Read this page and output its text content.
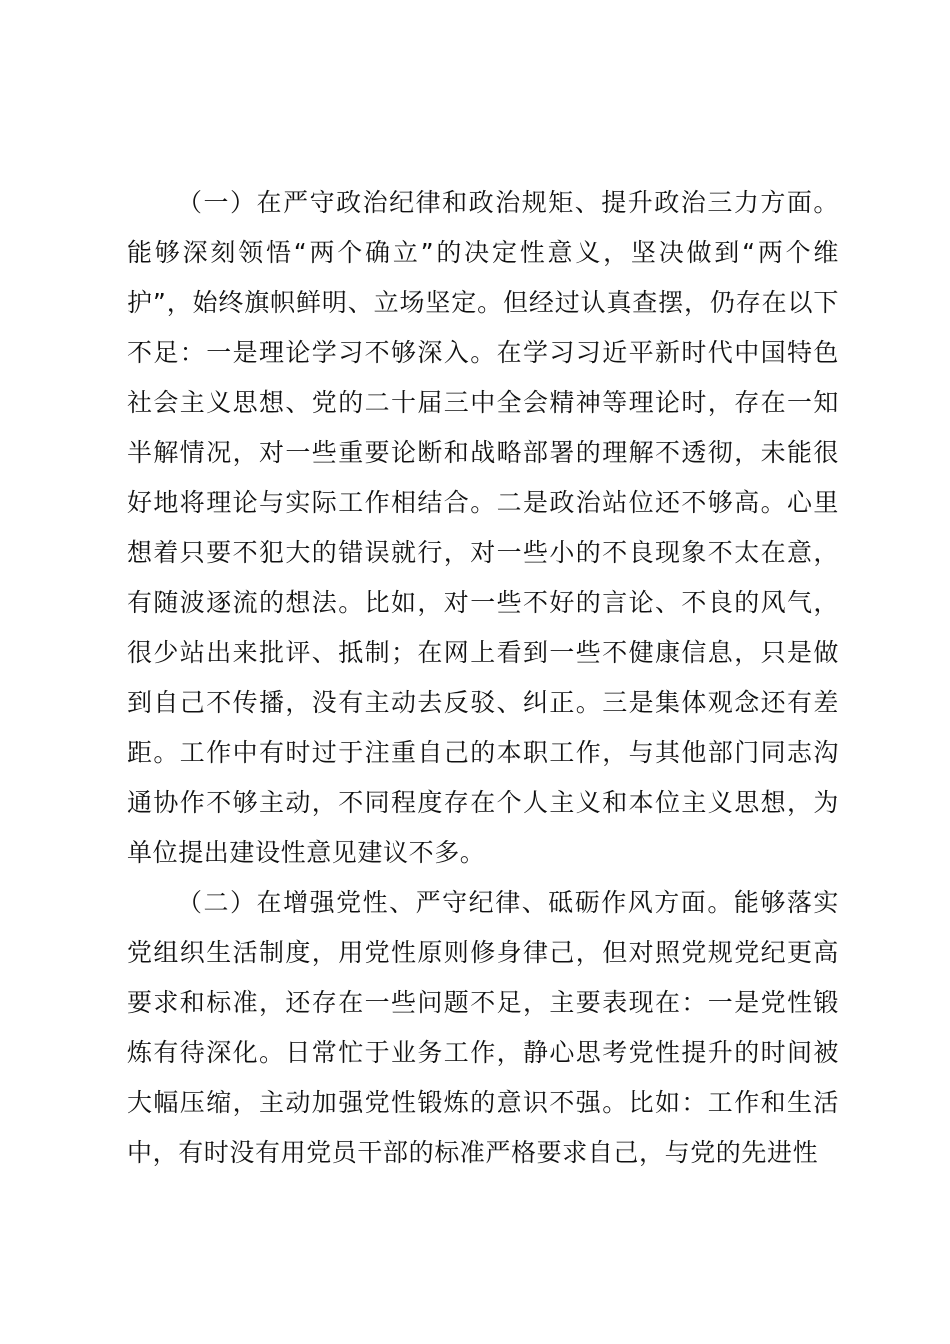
（一）在严守政治纪律和政治规矩、提升政治三力方面。能够深刻领悟“两个确立”的决定性意义，坚决做到“两个维护”，始终旗帜鲜明、立场坚定。但经过认真查摆，仍存在以下不足：一是理论学习不够深入。在学习习近平新时代中国特色社会主义思想、党的二十届三中全会精神等理论时，存在一知半解情况，对一些重要论断和战略部署的理解不透彻，未能很好地将理论与实际工作相结合。二是政治站位还不够高。心里想着只要不犯大的错误就行，对一些小的不良现象不太在意，有随波逐流的想法。比如，对一些不好的言论、不良的风气，很少站出来批评、抵制；在网上看到一些不健康信息，只是做到自己不传播，没有主动去反驳、纠正。三是集体观念还有差距。工作中有时过于注重自己的本职工作，与其他部门同志沟通协作不够主动，不同程度存在个人主义和本位主义思想，为单位提出建设性意见建议不多。

（二）在增强党性、严守纪律、砥砺作风方面。能够落实党组织生活制度，用党性原则修身律己，但对照党规党纪更高要求和标准，还存在一些问题不足，主要表现在：一是党性锻炼有待深化。日常忙于业务工作，静心思考党性提升的时间被大幅压缩，主动加强党性锻炼的意识不强。比如：工作和生活中，有时没有用党员干部的标准严格要求自己，与党的先进性
